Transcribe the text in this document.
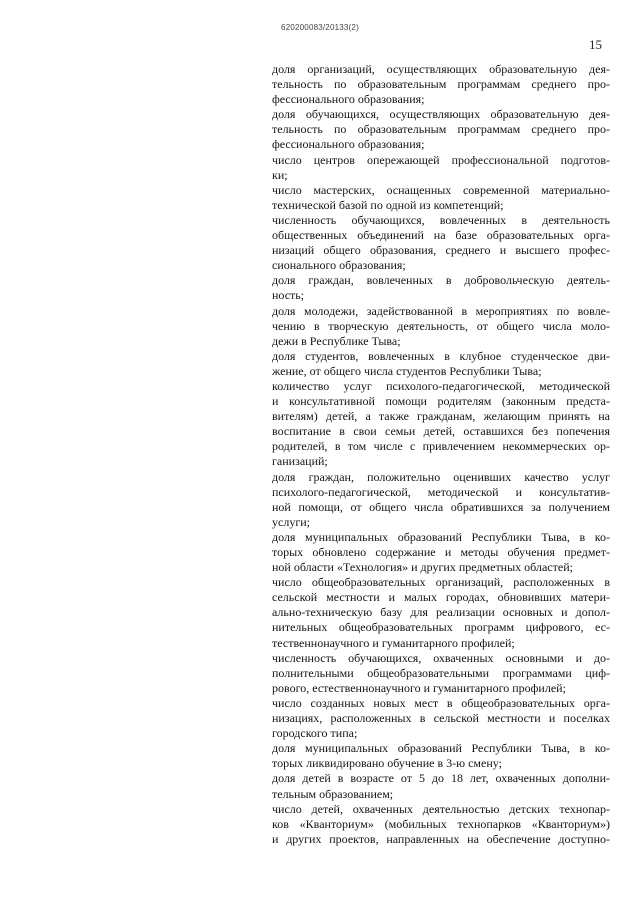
620200083/20133(2)
15
доля организаций, осуществляющих образовательную дея-
тельность по образовательным программам среднего про-
фессионального образования;
доля обучающихся, осуществляющих образовательную дея-
тельность по образовательным программам среднего про-
фессионального образования;
число центров опережающей профессиональной подготов-
ки;
число мастерских, оснащенных современной материально-
технической базой по одной из компетенций;
численность обучающихся, вовлеченных в деятельность
общественных объединений на базе образовательных орга-
низаций общего образования, среднего и высшего профес-
сионального образования;
доля граждан, вовлеченных в добровольческую деятель-
ность;
доля молодежи, задействованной в мероприятиях по вовле-
чению в творческую деятельность, от общего числа моло-
дежи в Республике Тыва;
доля студентов, вовлеченных в клубное студенческое дви-
жение, от общего числа студентов Республики Тыва;
количество услуг психолого-педагогической, методической
и консультативной помощи родителям (законным предста-
вителям) детей, а также гражданам, желающим принять на
воспитание в свои семьи детей, оставшихся без попечения
родителей, в том числе с привлечением некоммерческих ор-
ганизаций;
доля граждан, положительно оценивших качество услуг
психолого-педагогической, методической и консультатив-
ной помощи, от общего числа обратившихся за получением
услуги;
доля муниципальных образований Республики Тыва, в ко-
торых обновлено содержание и методы обучения предмет-
ной области «Технология» и других предметных областей;
число общеобразовательных организаций, расположенных в
сельской местности и малых городах, обновивших матери-
ально-техническую базу для реализации основных и допол-
нительных общеобразовательных программ цифрового, ес-
тественнонаучного и гуманитарного профилей;
численность обучающихся, охваченных основными и до-
полнительными общеобразовательными программами циф-
рового, естественнонаучного и гуманитарного профилей;
число созданных новых мест в общеобразовательных орга-
низациях, расположенных в сельской местности и поселках
городского типа;
доля муниципальных образований Республики Тыва, в ко-
торых ликвидировано обучение в 3-ю смену;
доля детей в возрасте от 5 до 18 лет, охваченных дополни-
тельным образованием;
число детей, охваченных деятельностью детских технопар-
ков «Кванториум» (мобильных технопарков «Кванториум»)
и других проектов, направленных на обеспечение доступно-
